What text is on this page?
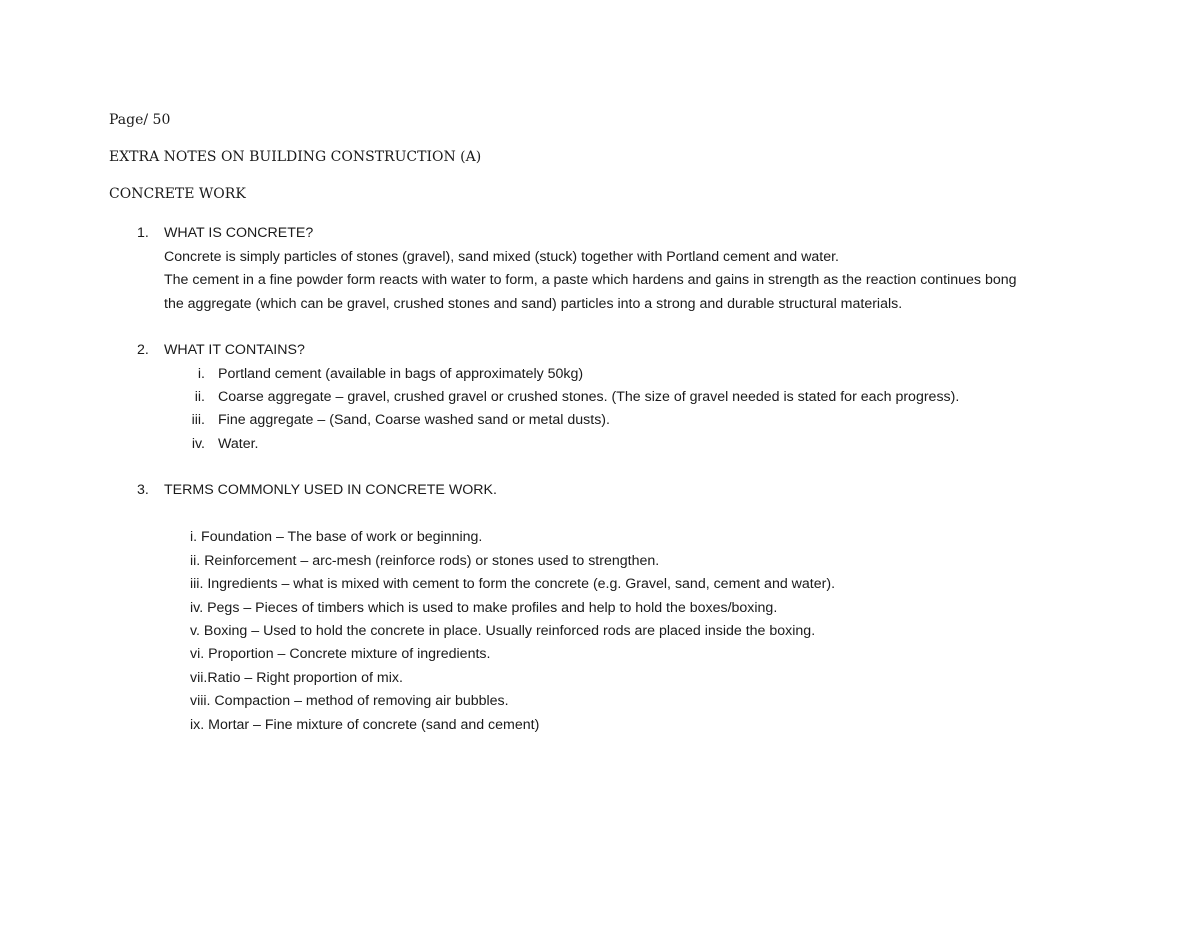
Page/ 50
EXTRA NOTES ON BUILDING CONSTRUCTION (A)
CONCRETE WORK
1. WHAT IS CONCRETE?
Concrete is simply particles of stones (gravel), sand mixed (stuck) together with Portland cement and water.
The cement in a fine powder form reacts with water to form, a paste which hardens and gains in strength as the reaction continues bong
the aggregate (which can be gravel, crushed stones and sand) particles into a strong and durable structural materials.
2. WHAT IT CONTAINS?
i. Portland cement (available in bags of approximately 50kg)
ii. Coarse aggregate – gravel, crushed gravel or crushed stones. (The size of gravel needed is stated for each progress).
iii. Fine aggregate – (Sand, Coarse washed sand or metal dusts).
iv. Water.
3. TERMS COMMONLY USED IN CONCRETE WORK.
i. Foundation – The base of work or beginning.
ii. Reinforcement – arc-mesh (reinforce rods) or stones used to strengthen.
iii. Ingredients – what is mixed with cement to form the concrete (e.g. Gravel, sand, cement and water).
iv. Pegs – Pieces of timbers which is used to make profiles and help to hold the boxes/boxing.
v. Boxing – Used to hold the concrete in place. Usually reinforced rods are placed inside the boxing.
vi. Proportion – Concrete mixture of ingredients.
vii.Ratio – Right proportion of mix.
viii. Compaction – method of removing air bubbles.
ix. Mortar – Fine mixture of concrete (sand and cement)
